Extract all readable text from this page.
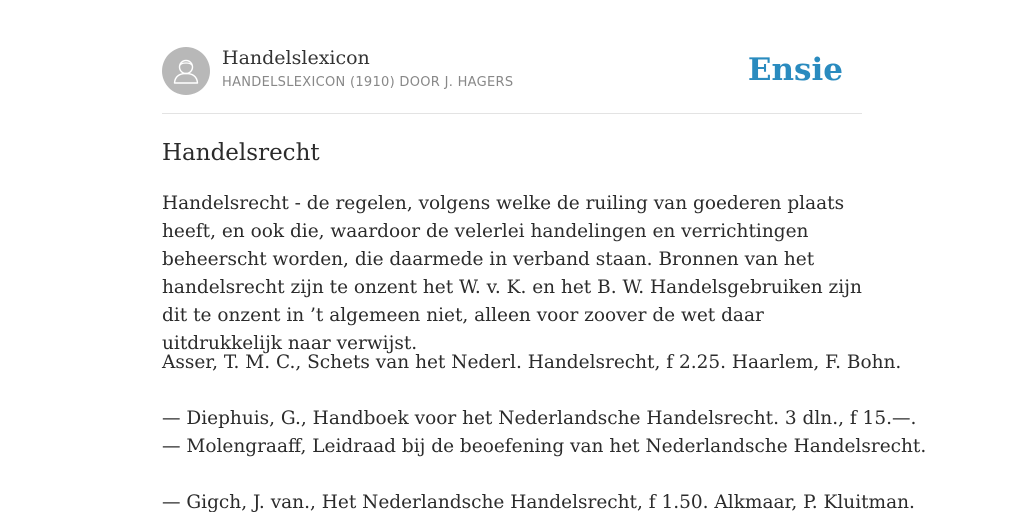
Handelslexicon
HANDELSLEXICON (1910) DOOR J. HAGERS	Ensie
Handelsrecht

Handelsrecht - de regelen, volgens welke de ruiling van goederen plaats heeft, en ook die, waardoor de velerlei handelingen en verrichtingen beheerscht worden, die daarmede in verband staan. Bronnen van het handelsrecht zijn te onzent het W. v. K. en het B. W. Handelsgebruiken zijn dit te onzent in ’t algemeen niet, alleen voor zoover de wet daar uitdrukkelijk naar verwijst.

Asser, T. M. C., Schets van het Nederl. Handelsrecht, f 2.25. Haarlem, F. Bohn.
— Diephuis, G., Handboek voor het Nederlandsche Handelsrecht. 3 dln., f 15.—.
— Molengraaff, Leidraad bij de beoefening van het Nederlandsche Handelsrecht.
— Gigch, J. van., Het Nederlandsche Handelsrecht, f 1.50. Alkmaar, P. Kluitman.
